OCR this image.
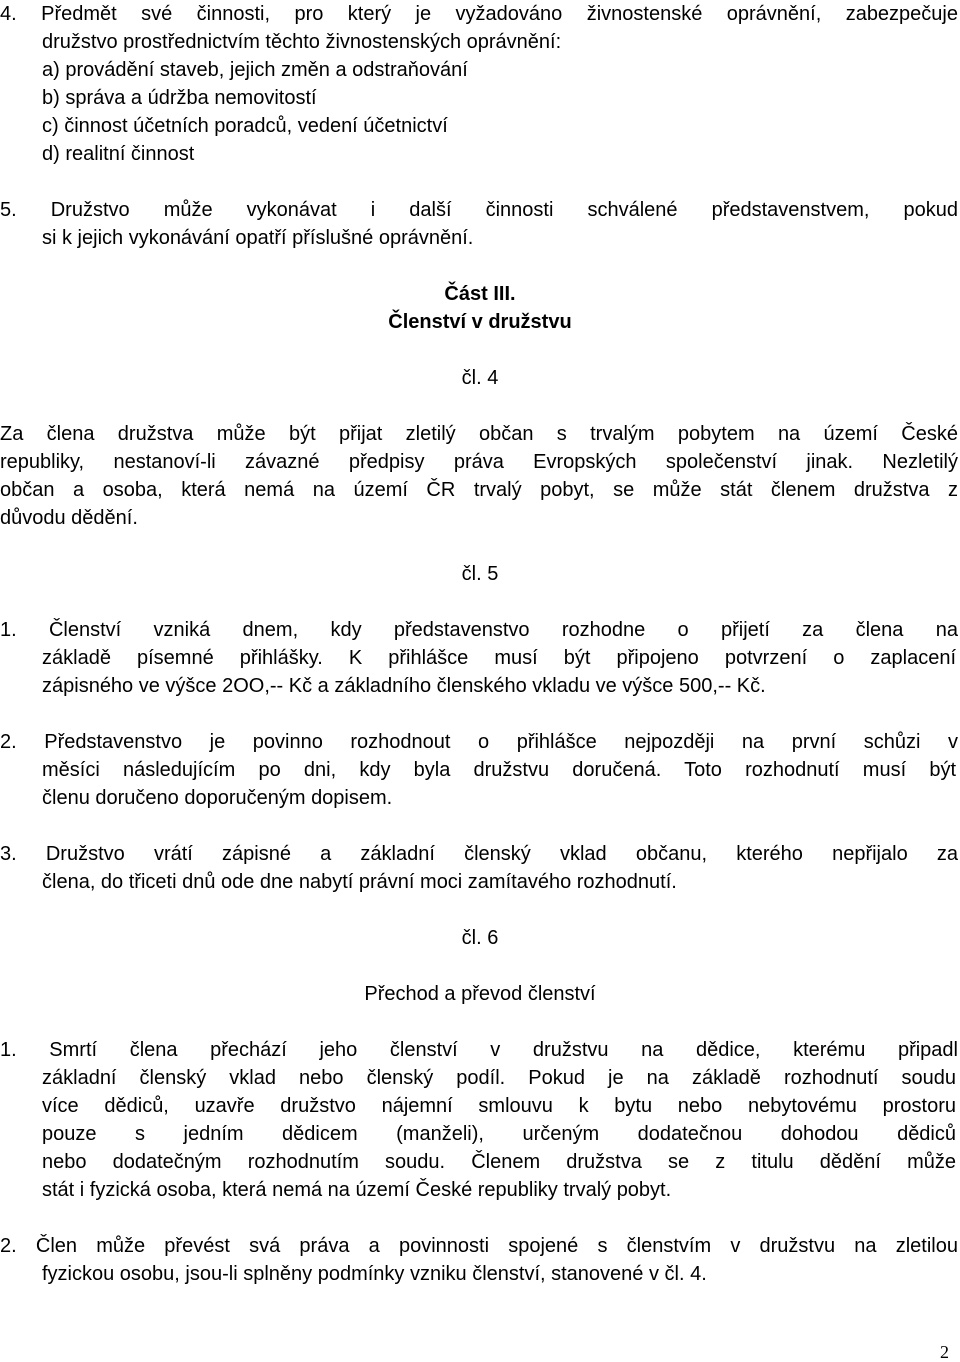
4. Předmět své činnosti, pro který je vyžadováno živnostenské oprávnění, zabezpečuje
družstvo prostřednictvím těchto živnostenských oprávnění:
a) provádění staveb, jejich změn a odstraňování
b) správa a údržba nemovitostí
c) činnost účetních poradců, vedení účetnictví
d) realitní činnost
5. Družstvo může vykonávat i další činnosti schválené představenstvem, pokud
si k jejich vykonávání opatří příslušné oprávnění.
Část III.
Členství v družstvu
čl. 4
Za člena družstva může být přijat zletilý občan s trvalým pobytem na území České
republiky, nestanoví-li závazné předpisy práva Evropských společenství jinak. Nezletilý
občan a osoba, která nemá na území ČR trvalý pobyt, se může stát členem družstva z
důvodu dědění.
čl. 5
1. Členství vzniká dnem, kdy představenstvo rozhodne o přijetí za člena na
základě písemné přihlášky. K přihlášce musí být připojeno potvrzení o zaplacení
zápisného ve výšce 2OO,-- Kč a základního členského vkladu ve výšce 500,-- Kč.
2. Představenstvo je povinno rozhodnout o přihlášce nejpozději na první schůzi v
měsíci následujícím po dni, kdy byla družstvu doručená. Toto rozhodnutí musí být
členu doručeno doporučeným dopisem.
3. Družstvo vrátí zápisné a základní členský vklad občanu, kterého nepřijalo za
člena, do třiceti dnů ode dne nabytí právní moci zamítavého rozhodnutí.
čl. 6
Přechod a převod členství
1. Smrtí člena přechází jeho členství v družstvu na dědice, kterému připadl
základní členský vklad nebo členský podíl. Pokud je na základě rozhodnutí soudu
více dědiců, uzavře družstvo nájemní smlouvu k bytu nebo nebytovému prostoru
pouze s jedním dědicem (manželi), určeným dodatečnou dohodou dědiců
nebo dodatečným rozhodnutím soudu. Členem družstva se z titulu dědění může
stát i fyzická osoba, která nemá na území České republiky trvalý pobyt.
2. Člen může převést svá práva a povinnosti spojené s členstvím v družstvu na zletilou
fyzickou osobu, jsou-li splněny podmínky vzniku členství, stanovené v čl. 4.
2
